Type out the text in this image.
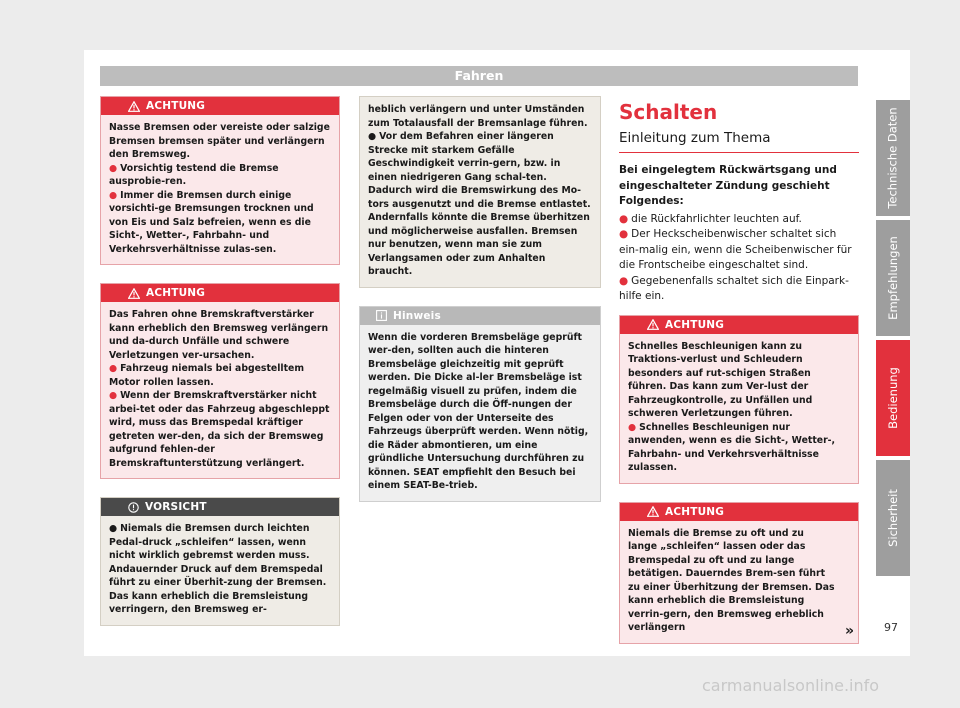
Fahren
ACHTUNG

Nasse Bremsen oder vereiste oder salzige Bremsen bremsen später und verlängern den Bremsweg.

● Vorsichtig testend die Bremse ausprobie-ren.
● Immer die Bremsen durch einige vorsichti-ge Bremsungen trocknen und von Eis und Salz befreien, wenn es die Sicht-, Wetter-, Fahrbahn- und Verkehrsverhältnisse zulas-sen.
ACHTUNG

Das Fahren ohne Bremskraftverstärker kann erheblich den Bremsweg verlängern und da-durch Unfälle und schwere Verletzungen ver-ursachen.

● Fahrzeug niemals bei abgestelltem Motor rollen lassen.
● Wenn der Bremskraftverstärker nicht arbei-tet oder das Fahrzeug abgeschleppt wird, muss das Bremspedal kräftiger getreten wer-den, da sich der Bremsweg aufgrund fehlen-der Bremskraftunterstützung verlängert.
VORSICHT
● Niemals die Bremsen durch leichten Pedal-druck „schleifen“ lassen, wenn nicht wirklich gebremst werden muss. Andauernder Druck auf dem Bremspedal führt zu einer Überhit-zung der Bremsen. Das kann erheblich die Bremsleistung verringern, den Bremsweg er-

heblich verlängern und unter Umständen zum Totalausfall der Bremsanlage führen.

● Vor dem Befahren einer längeren Strecke mit starkem Gefälle Geschwindigkeit verrin-gern, bzw. in einen niedrigeren Gang schal-ten. Dadurch wird die Bremswirkung des Mo-tors ausgenutzt und die Bremse entlastet. Andernfalls könnte die Bremse überhitzen und möglicherweise ausfallen. Bremsen nur benutzen, wenn man sie zum Verlangsamen oder zum Anhalten braucht.
Hinweis

Wenn die vorderen Bremsbeläge geprüft wer-den, sollten auch die hinteren Bremsbeläge gleichzeitig mit geprüft werden. Die Dicke al-ler Bremsbeläge ist regelmäßig visuell zu prüfen, indem die Bremsbeläge durch die Öff-nungen der Felgen oder von der Unterseite des Fahrzeugs überprüft werden. Wenn nötig, die Räder abmontieren, um eine gründliche Untersuchung durchführen zu können. SEAT empfiehlt den Besuch bei einem SEAT-Be-trieb.

Schalten
Einleitung zum Thema

Bei eingelegtem Rückwärtsgang und eingeschalteter Zündung geschieht Folgendes:

● die Rückfahrlichter leuchten auf.
● Der Heckscheibenwischer schaltet sich ein-malig ein, wenn die Scheibenwischer für die Frontscheibe eingeschaltet sind.
● Gegebenenfalls schaltet sich die Einpark-hilfe ein.
ACHTUNG

Schnelles Beschleunigen kann zu Traktions-verlust und Schleudern besonders auf rut-schigen Straßen führen. Das kann zum Ver-lust der Fahrzeugkontrolle, zu Unfällen und schweren Verletzungen führen.

● Schnelles Beschleunigen nur anwenden, wenn es die Sicht-, Wetter-, Fahrbahn- und Verkehrsverhältnisse zulassen.
ACHTUNG

Niemals die Bremse zu oft und zu lange „schleifen“ lassen oder das Bremspedal zu oft und zu lange betätigen. Dauerndes Brem-sen führt zu einer Überhitzung der Bremsen. Das kann erheblich die Bremsleistung verrin-gern, den Bremsweg erheblich verlängern	»
Technische Daten
Empfehlungen
Bedienung
Sicherheit
97
carmanualsonline.info
